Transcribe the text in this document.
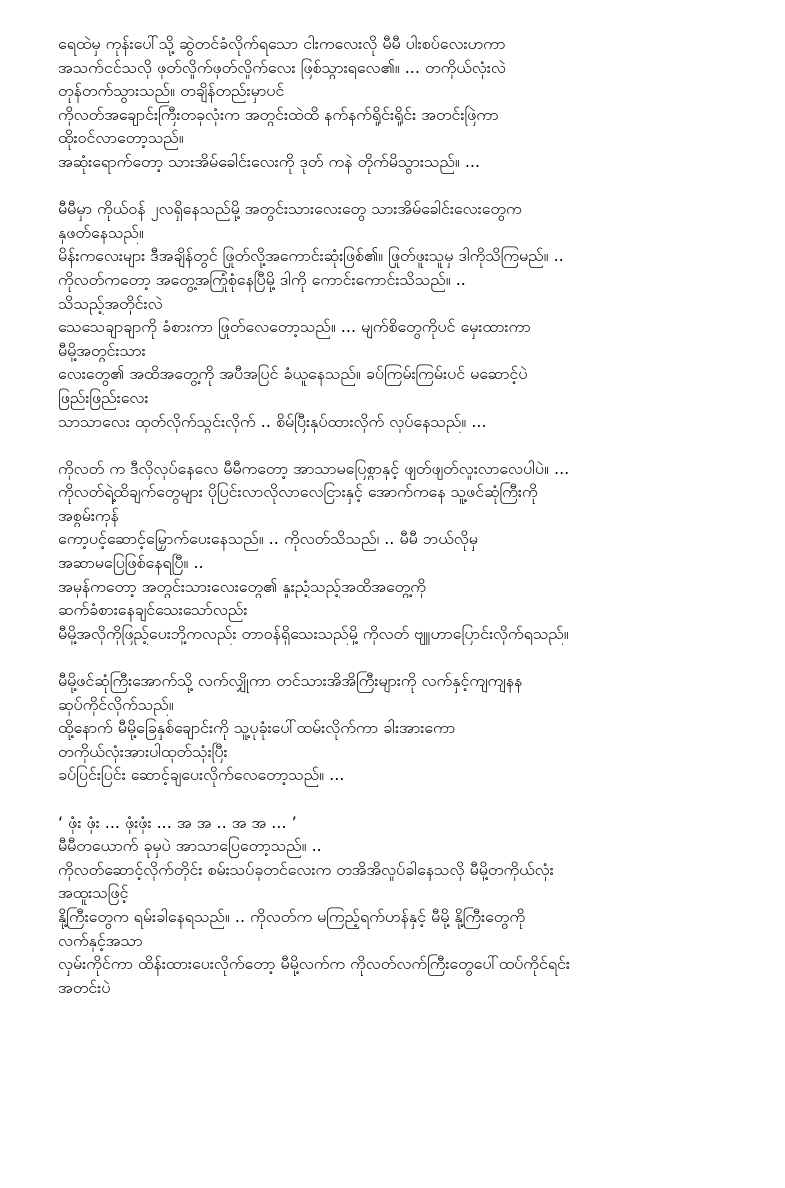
ရေထဲမှ ကုန်းပေါ်သို့ ဆွဲတင်ခံလိုက်ရသော ငါးကလေးလို မီမီ ပါးစပ်လေးဟကာ
အသက်ငင်သလို ဖုတ်လှိုက်ဖုတ်လှိုက်လေး ဖြစ်သွားရလေ၏။ ... တကိုယ်လုံးလဲ
တုန်တက်သွားသည်။ တချိန်တည်းမှာပင်
ကိုလတ်အချောင်းကြီးတခုလုံးက အတွင်းထဲထိ နက်နက်ရှိုင်းရှိုင်း အတင်းဖြဲကာ
ထိုးဝင်လာတော့သည်။
အဆုံးရောက်တော့ သားအိမ်ခေါင်းလေးကို ဒုတ် ကနဲ တိုက်မိသွားသည်။ ...
မီမီမှာ ကိုယ်ဝန် ၂လရှိနေသည်မို့ အတွင်းသားလေးတွေ သားအိမ်ခေါင်းလေးတွေက
နုဖတ်နေသည်။
မိန်းကလေးများ ဒီအချိန်တွင် ဖြုတ်လို့အကောင်းဆုံးဖြစ်၏။ ဖြုတ်ဖူးသူမှ ဒါကိုသိကြမည်။ ..
ကိုလတ်ကတော့ အတွေ့အကြုံစုံနေပြီမို့ ဒါကို ကောင်းကောင်းသိသည်။ ..
သိသည့်အတိုင်းလဲ
သေသေချာချာကို ခံစားကာ ဖြုတ်လေတော့သည်။ ... မျက်စိတွေကိုပင် မှေးထားကာ
မီမို့အတွင်းသား
လေးတွေ၏ အထိအတွေ့ကို အပီအပြင် ခံယူနေသည်။ ခပ်ကြမ်းကြမ်းပင် မဆောင့်ပဲ
ဖြည်းဖြည်းလေး
သာသာလေး ထုတ်လိုက်သွင်းလိုက် .. စိမ်ပြီးနှပ်ထားလိုက် လုပ်နေသည်။ ...
ကိုလတ် က ဒီလိုလုပ်နေလေ မီမီကတော့ အာသာမပြေစွာနှင့် ဖျတ်ဖျတ်လူးလာလေပါပဲ။ ...
ကိုလတ်ရဲ့ထိချက်တွေများ ပိုပြင်းလာလိုလာလေငြားနှင့် အောက်ကနေ သူ့ဖင်ဆုံကြီးကို
အစွမ်းကုန်
ကော့ပင့်ဆောင့်မြှောက်ပေးနေသည်။ .. ကိုလတ်သိသည်၊ .. မီမီ ဘယ်လိုမှ
အဆာမပြေဖြစ်နေရပြီ။ ..
အမှန်ကတော့ အတွင်းသားလေးတွေ၏ နူးညံ့သည့်အထိအတွေ့ကို
ဆက်ခံစားနေချင်သေးသော်လည်း
မီမို့အလိုကိုဖြည့်ပေးဘို့ကလည်း တာဝန်ရှိသေးသည်မို့ ကိုလတ် ဗျူဟာပြောင်းလိုက်ရသည်။
မီမို့ဖင်ဆုံကြီးအောက်သို့ လက်လျှိုကာ တင်သားအိအိကြီးများကို လက်နှင့်ကျကျနန
ဆုပ်ကိုင်လိုက်သည်။
ထို့နောက် မီမို့ခြေနှစ်ချောင်းကို သူ့ပုခုံးပေါ်ထမ်းလိုက်ကာ ခါးအားကော
တကိုယ်လုံးအားပါထုတ်သုံးပြီး
ခပ်ပြင်းပြင်း ဆောင့်ချပေးလိုက်လေတော့သည်။ ...
‘ ဖုံး ဖုံး ... ဖုံးဖုံး ... အ အ .. အ အ ... ’
မီမီတယောက် ခုမှပဲ အာသာပြေတော့သည်။ ..
ကိုလတ်ဆောင့်လိုက်တိုင်း စမ်းသပ်ခုတင်လေးက တအိအိလှုပ်ခါနေသလို မီမို့တကိုယ်လုံး
အထူးသဖြင့်
နို့ကြီးတွေက ရမ်းခါနေရသည်။ .. ကိုလတ်က မကြည့်ရက်ဟန်နှင့် မီမို့ နို့ကြီးတွေကို
လက်နှင့်အသာ
လှမ်းကိုင်ကာ ထိန်းထားပေးလိုက်တော့ မီမို့လက်က ကိုလတ်လက်ကြီးတွေပေါ်ထပ်ကိုင်ရင်း
အတင်းပဲ
